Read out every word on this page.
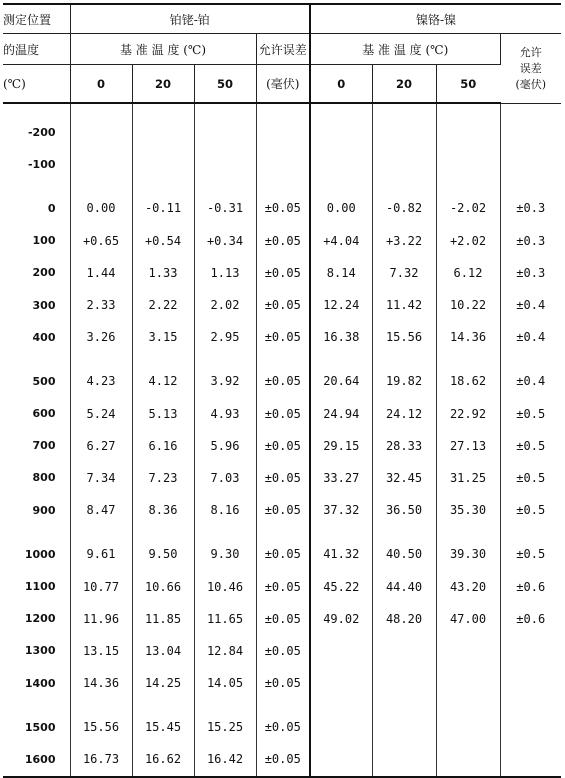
测定位置	铂铑-铂				镍铬-镍			
的温度	基 准 温 度 (℃)			允许误差	基 准 温 度 (℃)			允许
误差
(毫伏)

(℃)	0	20	50	(毫伏)	0	20	50	

-200								
-100								

0	0.00	-0.11	-0.31	±0.05	0.00	-0.82	-2.02	±0.3
100	+0.65	+0.54	+0.34	±0.05	+4.04	+3.22	+2.02	±0.3
200	1.44	1.33	1.13	±0.05	8.14	7.32	6.12	±0.3
300	2.33	2.22	2.02	±0.05	12.24	11.42	10.22	±0.4
400	3.26	3.15	2.95	±0.05	16.38	15.56	14.36	±0.4

500	4.23	4.12	3.92	±0.05	20.64	19.82	18.62	±0.4
600	5.24	5.13	4.93	±0.05	24.94	24.12	22.92	±0.5
700	6.27	6.16	5.96	±0.05	29.15	28.33	27.13	±0.5
800	7.34	7.23	7.03	±0.05	33.27	32.45	31.25	±0.5
900	8.47	8.36	8.16	±0.05	37.32	36.50	35.30	±0.5

1000	9.61	9.50	9.30	±0.05	41.32	40.50	39.30	±0.5
1100	10.77	10.66	10.46	±0.05	45.22	44.40	43.20	±0.6
1200	11.96	11.85	11.65	±0.05	49.02	48.20	47.00	±0.6
1300	13.15	13.04	12.84	±0.05				
1400	14.36	14.25	14.05	±0.05				

1500	15.56	15.45	15.25	±0.05				
1600	16.73	16.62	16.42	±0.05				
